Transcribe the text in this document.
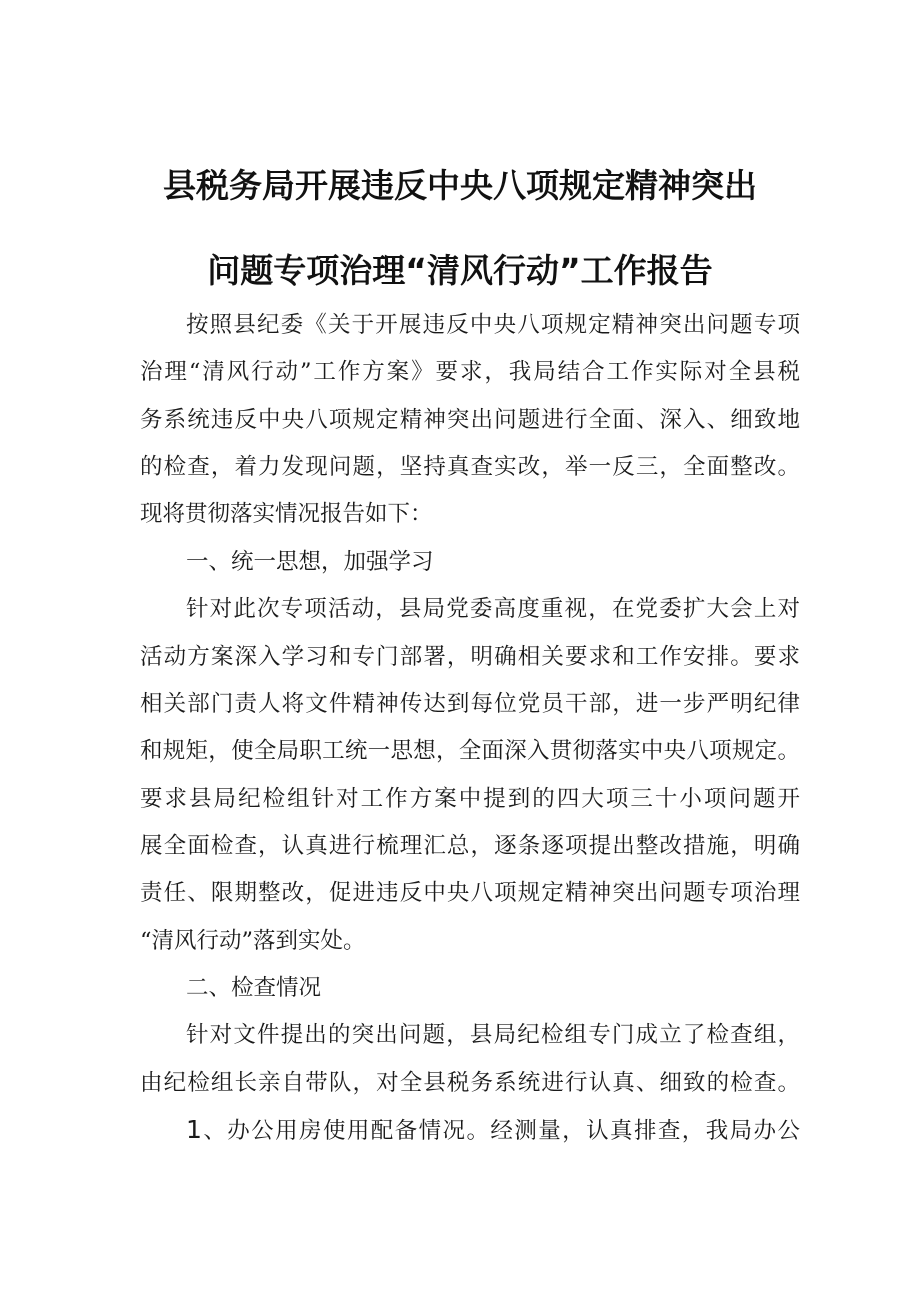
县税务局开展违反中央八项规定精神突出
问题专项治理“清风行动”工作报告

按照县纪委《关于开展违反中央八项规定精神突出问题专项

治理“清风行动”工作方案》要求，我局结合工作实际对全县税

务系统违反中央八项规定精神突出问题进行全面、深入、细致地

的检查，着力发现问题，坚持真查实改，举一反三，全面整改。

现将贯彻落实情况报告如下：

一、统一思想，加强学习

针对此次专项活动，县局党委高度重视，在党委扩大会上对

活动方案深入学习和专门部署，明确相关要求和工作安排。要求

相关部门责人将文件精神传达到每位党员干部，进一步严明纪律

和规矩，使全局职工统一思想，全面深入贯彻落实中央八项规定。

要求县局纪检组针对工作方案中提到的四大项三十小项问题开

展全面检查，认真进行梳理汇总，逐条逐项提出整改措施，明确

责任、限期整改，促进违反中央八项规定精神突出问题专项治理

“清风行动”落到实处。

二、检查情况

针对文件提出的突出问题，县局纪检组专门成立了检查组，

由纪检组长亲自带队，对全县税务系统进行认真、细致的检查。

1、办公用房使用配备情况。经测量，认真排查，我局办公
